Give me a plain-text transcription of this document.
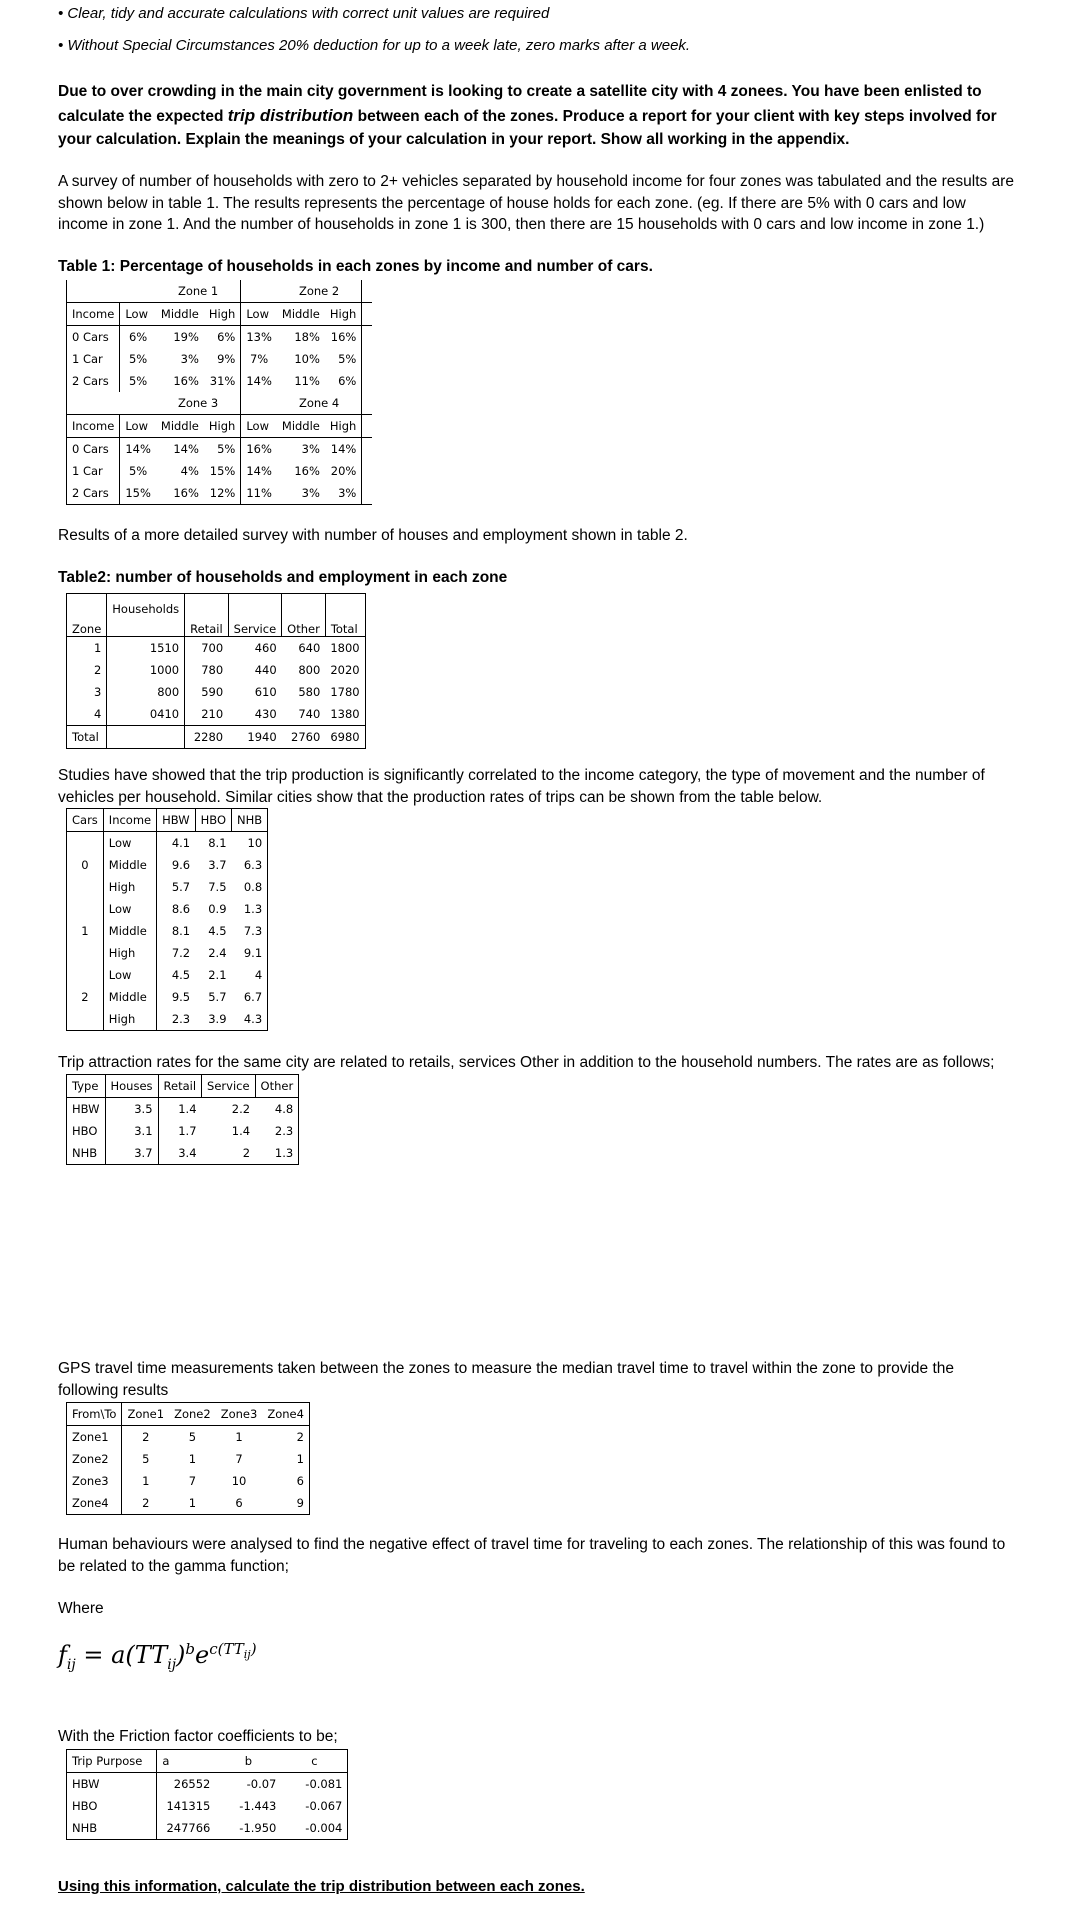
• Clear, tidy and accurate calculations with correct unit values are required
• Without Special Circumstances 20% deduction for up to a week late, zero marks after a week.
Due to over crowding in the main city government is looking to create a satellite city with 4 zonees. You have been enlisted to calculate the expected trip distribution between each of the zones. Produce a report for your client with key steps involved for your calculation. Explain the meanings of your calculation in your report. Show all working in the appendix.
A survey of number of households with zero to 2+ vehicles separated by household income for four zones was tabulated and the results are shown below in table 1. The results represents the percentage of house holds for each zone. (eg. If there are 5% with 0 cars and low income in zone 1. And the number of households in zone 1 is 300, then there are 15 households with 0 cars and low income in zone 1.)
Table 1: Percentage of households in each zones by income and number of cars.
		Zone 1			Zone 2		
Income	Low	Middle	High	Low	Middle	High	
0 Cars	6%	19%	6%	13%	18%	16%	
1 Car	5%	3%	9%	7%	10%	5%	
2 Cars	5%	16%	31%	14%	11%	6%	
		Zone 3			Zone 4		
Income	Low	Middle	High	Low	Middle	High	
0 Cars	14%	14%	5%	16%	3%	14%	
1 Car	5%	4%	15%	14%	16%	20%	
2 Cars	15%	16%	12%	11%	3%	3%	
Results of a more detailed survey with number of houses and employment shown in table 2.
Table2: number of households and employment in each zone
Zone	Households	Retail	Service	Other	Total
1	1510	700	460	640	1800
2	1000	780	440	800	2020
3	800	590	610	580	1780
4	0410	210	430	740	1380
Total		2280	1940	2760	6980
Studies have showed that the trip production is significantly correlated to the income category, the type of movement and the number of vehicles per household. Similar cities show that the production rates of trips can be shown from the table below.
Cars	Income	HBW	HBO	NHB
	Low	4.1	8.1	10
0	Middle	9.6	3.7	6.3
	High	5.7	7.5	0.8
	Low	8.6	0.9	1.3
1	Middle	8.1	4.5	7.3
	High	7.2	2.4	9.1
	Low	4.5	2.1	4
2	Middle	9.5	5.7	6.7
	High	2.3	3.9	4.3
Trip attraction rates for the same city are related to retails, services Other in addition to the household numbers. The rates are as follows;
Type	Houses	Retail	Service	Other
HBW	3.5	1.4	2.2	4.8
HBO	3.1	1.7	1.4	2.3
NHB	3.7	3.4	2	1.3
GPS travel time measurements taken between the zones to measure the median travel time to travel within the zone to provide the following results
From\To	Zone1	Zone2	Zone3	Zone4
Zone1	2	5	1	2
Zone2	5	1	7	1
Zone3	1	7	10	6
Zone4	2	1	6	9
Human behaviours were analysed to find the negative effect of travel time for traveling to each zones. The relationship of this was found to be related to the gamma function;
Where
$f_{ij} = a(TT_{ij})^be^{c(TT_{ij})}$
With the Friction factor coefficients to be;
Trip Purpose	a	b	c
HBW	26552	-0.07	-0.081
HBO	141315	-1.443	-0.067
NHB	247766	-1.950	-0.004
Using this information, calculate the trip distribution between each zones.
